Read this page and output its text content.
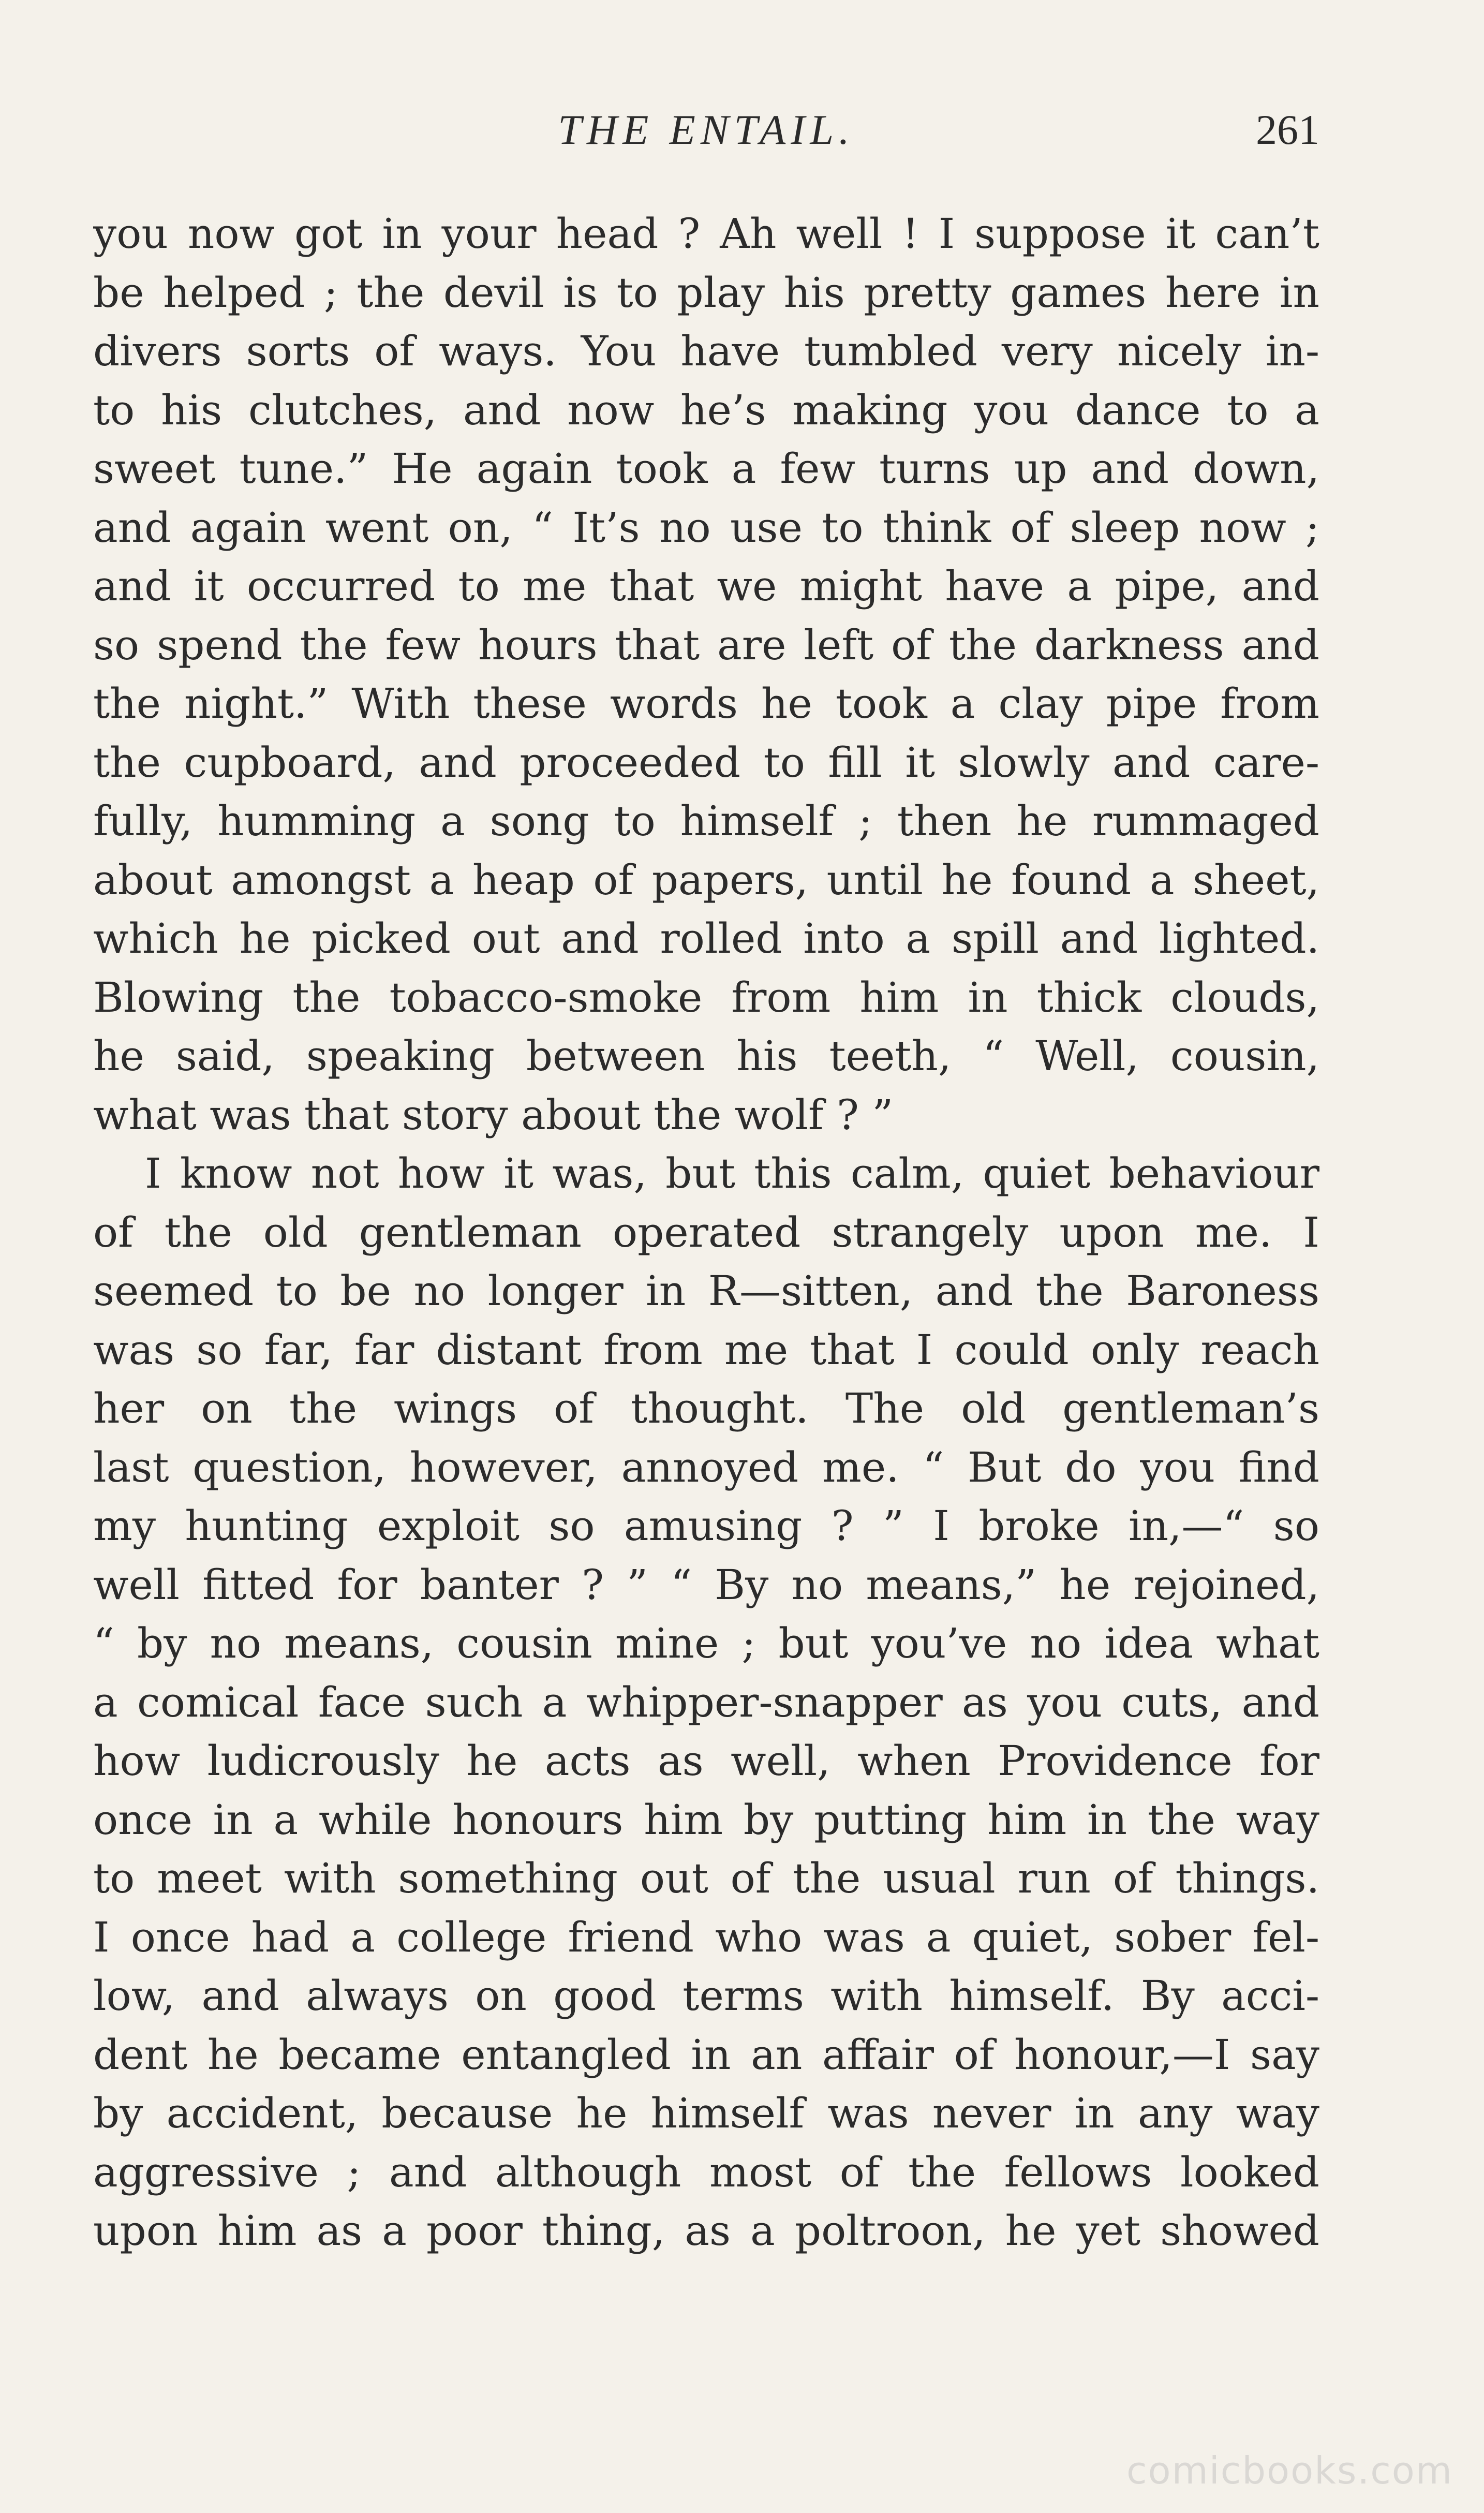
THE ENTAIL.	261
you now got in your head ? Ah well ! I suppose it can’t
be helped ; the devil is to play his pretty games here in
divers sorts of ways. You have tumbled very nicely in-
to his clutches, and now he’s making you dance to a
sweet tune.” He again took a few turns up and down,
and again went on, “ It’s no use to think of sleep now ;
and it occurred to me that we might have a pipe, and
so spend the few hours that are left of the darkness and
the night.” With these words he took a clay pipe from
the cupboard, and proceeded to fill it slowly and care-
fully, humming a song to himself ; then he rummaged
about amongst a heap of papers, until he found a sheet,
which he picked out and rolled into a spill and lighted.
Blowing the tobacco-smoke from him in thick clouds,
he said, speaking between his teeth, “ Well, cousin,
what was that story about the wolf ? ”
I know not how it was, but this calm, quiet behaviour
of the old gentleman operated strangely upon me. I
seemed to be no longer in R—sitten, and the Baroness
was so far, far distant from me that I could only reach
her on the wings of thought. The old gentleman’s
last question, however, annoyed me. “ But do you find
my hunting exploit so amusing ? ” I broke in,—“ so
well fitted for banter ? ” “ By no means,” he rejoined,
“ by no means, cousin mine ; but you’ve no idea what
a comical face such a whipper-snapper as you cuts, and
how ludicrously he acts as well, when Providence for
once in a while honours him by putting him in the way
to meet with something out of the usual run of things.
I once had a college friend who was a quiet, sober fel-
low, and always on good terms with himself. By acci-
dent he became entangled in an affair of honour,—I say
by accident, because he himself was never in any way
aggressive ; and although most of the fellows looked
upon him as a poor thing, as a poltroon, he yet showed
comicbooks.com
